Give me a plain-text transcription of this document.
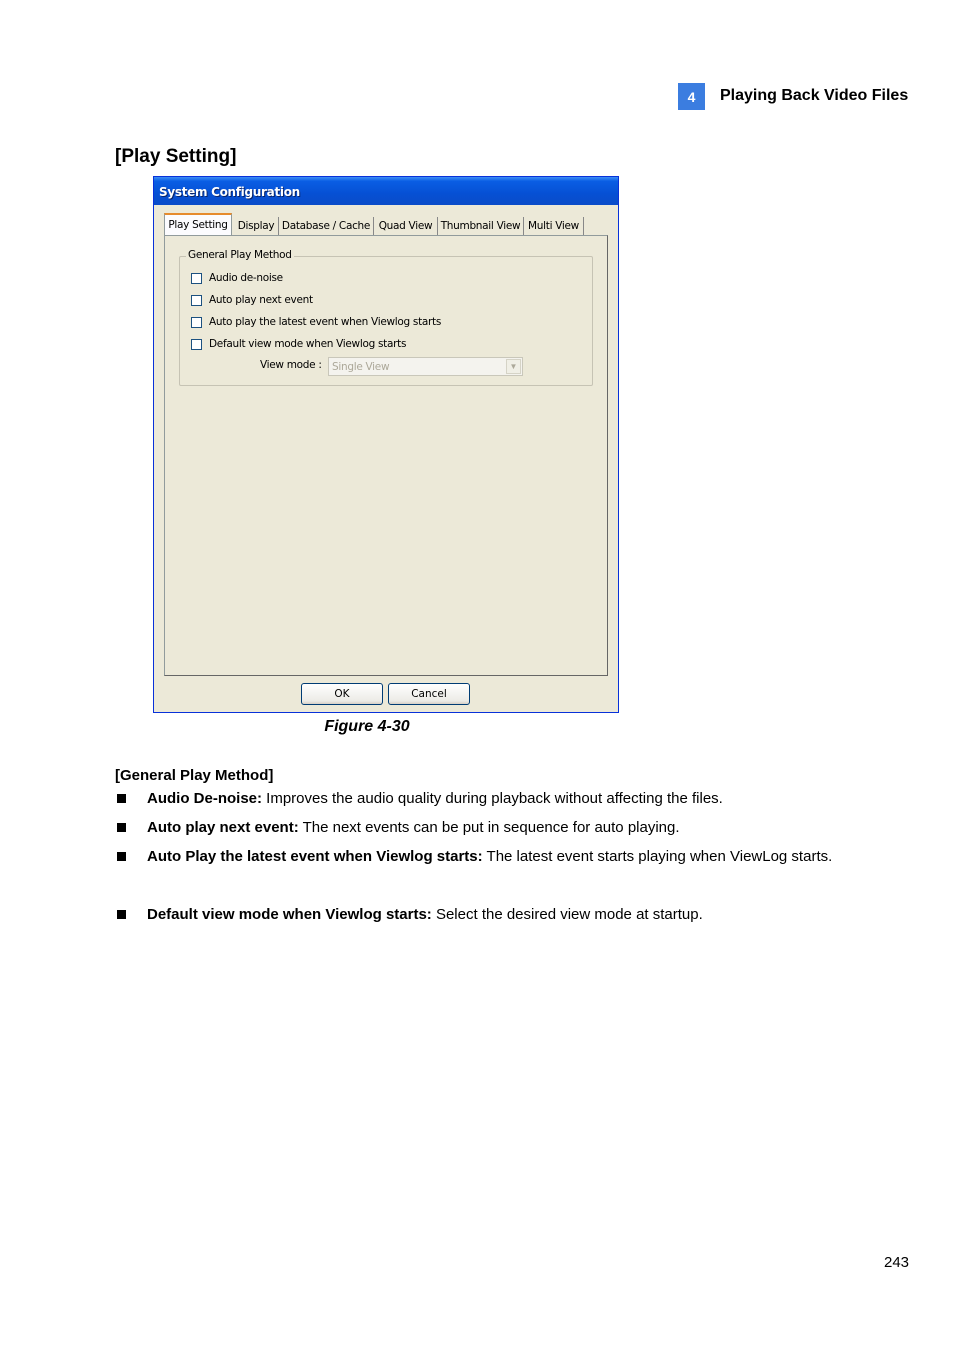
4	Playing Back Video Files
[Play Setting]
System Configuration
Play Setting Display Database / Cache Quad View Thumbnail View Multi View
General Play Method
Audio de-noise
Auto play next event
Auto play the latest event when Viewlog starts
Default view mode when Viewlog starts
View mode : Single View	▼
OK	Cancel
Figure 4-30
[General Play Method]
Audio De-noise: Improves the audio quality during playback without affecting the files.
Auto play next event: The next events can be put in sequence for auto playing.
Auto Play the latest event when Viewlog starts: The latest event starts playing when ViewLog starts.
Default view mode when Viewlog starts: Select the desired view mode at startup.
243
